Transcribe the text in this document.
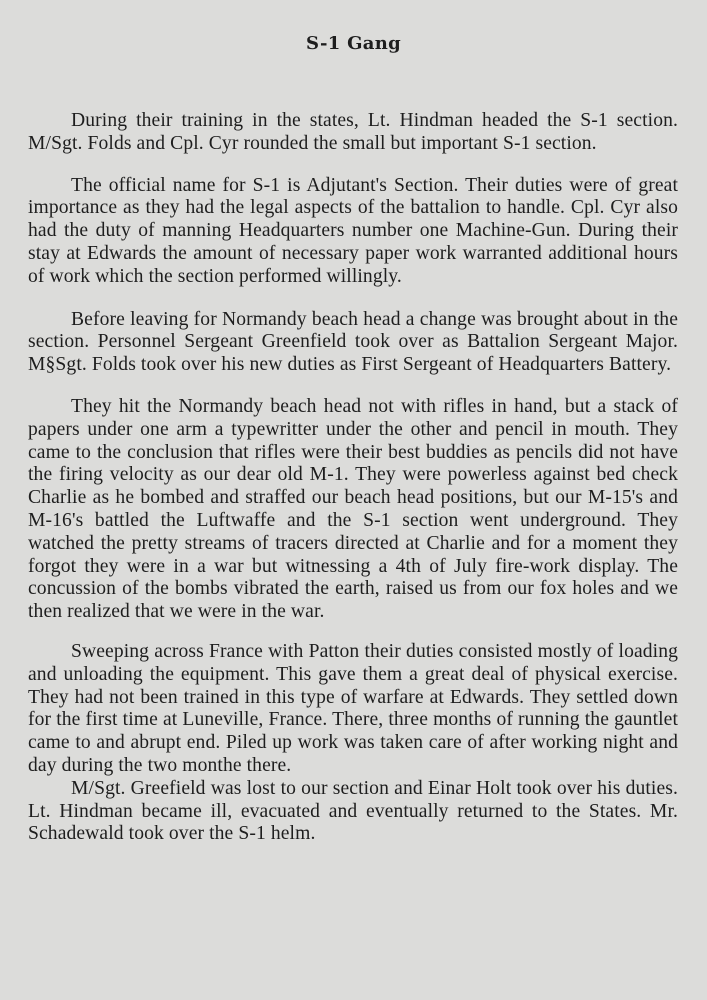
S-1 Gang

During their training in the states, Lt. Hindman headed the S-1 section. M/Sgt. Folds and Cpl. Cyr rounded the small but important S-1 section.

The official name for S-1 is Adjutant's Section. Their duties were of great importance as they had the legal aspects of the battalion to handle. Cpl. Cyr also had the duty of manning Headquarters number one Machine-Gun. During their stay at Edwards the amount of necessary paper work warranted additional hours of work which the section performed willingly.

Before leaving for Normandy beach head a change was brought about in the section. Personnel Sergeant Greenfield took over as Battalion Sergeant Major. M§Sgt. Folds took over his new duties as First Sergeant of Headquarters Battery.

They hit the Normandy beach head not with rifles in hand, but a stack of papers under one arm a typewritter under the other and pencil in mouth. They came to the conclusion that rifles were their best buddies as pencils did not have the firing velocity as our dear old M-1. They were powerless against bed check Charlie as he bombed and straffed our beach head positions, but our M-15's and M-16's battled the Luftwaffe and the S-1 section went underground. They watched the pretty streams of tracers directed at Charlie and for a moment they forgot they were in a war but witnessing a 4th of July fire-work display. The concussion of the bombs vibrated the earth, raised us from our fox holes and we then realized that we were in the war.

Sweeping across France with Patton their duties consisted mostly of loading and unloading the equipment. This gave them a great deal of physical exercise. They had not been trained in this type of warfare at Edwards. They settled down for the first time at Luneville, France. There, three months of running the gauntlet came to and abrupt end. Piled up work was taken care of after working night and day during the two monthe there.

M/Sgt. Greefield was lost to our section and Einar Holt took over his duties. Lt. Hindman became ill, evacuated and eventually returned to the States. Mr. Schadewald took over the S-1 helm.
